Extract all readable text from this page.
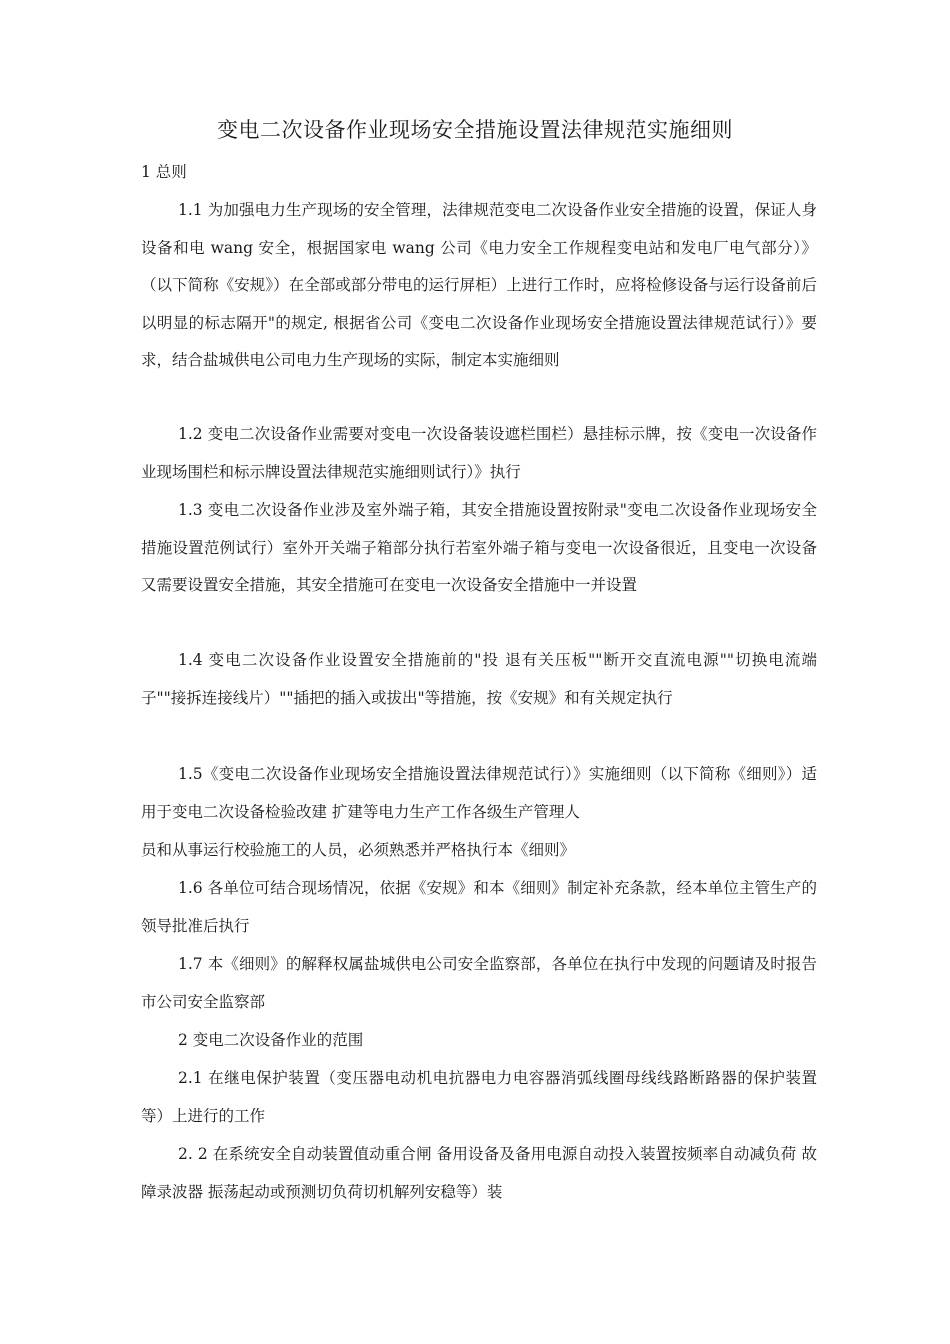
变电二次设备作业现场安全措施设置法律规范实施细则

1 总则

1.1 为加强电力生产现场的安全管理，法律规范变电二次设备作业安全措施的设置，保证人身 设备和电 wang 安全，根据国家电 wang 公司《电力安全工作规程变电站和发电厂电气部分）》（以下简称《安规》）在全部或部分带电的运行屏柜）上进行工作时，应将检修设备与运行设备前后以明显的标志隔开"的规定, 根据省公司《变电二次设备作业现场安全措施设置法律规范试行）》要求，结合盐城供电公司电力生产现场的实际，制定本实施细则

1.2 变电二次设备作业需要对变电一次设备装设遮栏围栏）悬挂标示牌，按《变电一次设备作业现场围栏和标示牌设置法律规范实施细则试行）》执行

1.3 变电二次设备作业涉及室外端子箱，其安全措施设置按附录"变电二次设备作业现场安全措施设置范例试行）室外开关端子箱部分执行若室外端子箱与变电一次设备很近，且变电一次设备又需要设置安全措施，其安全措施可在变电一次设备安全措施中一并设置

1.4 变电二次设备作业设置安全措施前的"投 退有关压板""断开交直流电源""切换电流端子""接拆连接线片）""插把的插入或拔出"等措施，按《安规》和有关规定执行

1.5《变电二次设备作业现场安全措施设置法律规范试行）》实施细则（以下简称《细则》）适用于变电二次设备检验改建 扩建等电力生产工作各级生产管理人

员和从事运行校验施工的人员，必须熟悉并严格执行本《细则》

1.6 各单位可结合现场情况，依据《安规》和本《细则》制定补充条款，经本单位主管生产的领导批准后执行

1.7 本《细则》的解释权属盐城供电公司安全监察部，各单位在执行中发现的问题请及时报告市公司安全监察部

2 变电二次设备作业的范围

2.1 在继电保护装置（变压器电动机电抗器电力电容器消弧线圈母线线路断路器的保护装置等）上进行的工作

2. 2 在系统安全自动装置值动重合闸 备用设备及备用电源自动投入装置按频率自动减负荷 故障录波器 振荡起动或预测切负荷切机解列安稳等）装
